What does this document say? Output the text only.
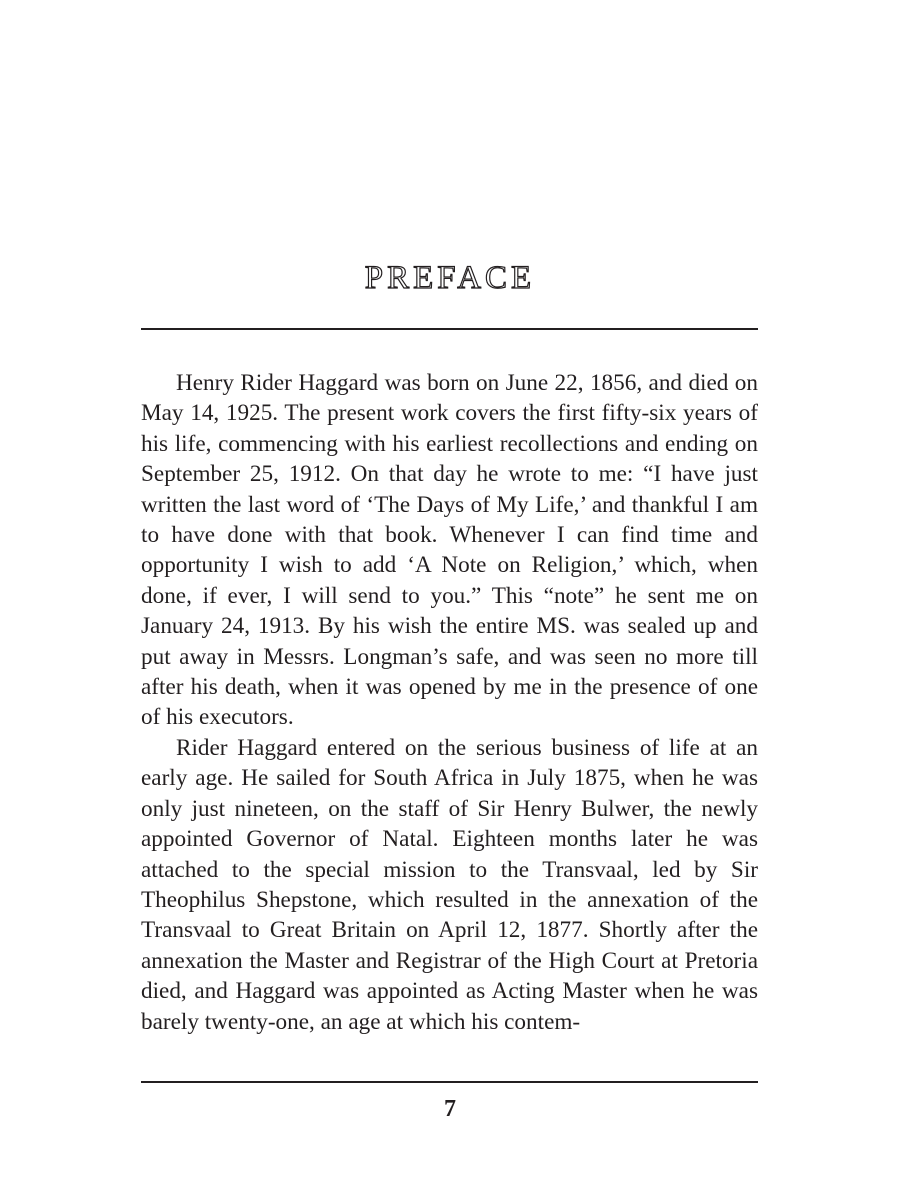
PREFACE

Henry Rider Haggard was born on June 22, 1856, and died on May 14, 1925. The present work covers the first fifty-six years of his life, commencing with his earliest recollections and ending on September 25, 1912. On that day he wrote to me: “I have just written the last word of ‘The Days of My Life,’ and thankful I am to have done with that book. Whenever I can find time and opportunity I wish to add ‘A Note on Religion,’ which, when done, if ever, I will send to you.” This “note” he sent me on January 24, 1913. By his wish the entire MS. was sealed up and put away in Messrs. Longman’s safe, and was seen no more till after his death, when it was opened by me in the presence of one of his executors.

Rider Haggard entered on the serious business of life at an early age. He sailed for South Africa in July 1875, when he was only just nineteen, on the staff of Sir Henry Bulwer, the newly appointed Governor of Natal. Eighteen months later he was attached to the special mission to the Transvaal, led by Sir Theophilus Shepstone, which resulted in the annexation of the Transvaal to Great Britain on April 12, 1877. Shortly after the annexation the Master and Registrar of the High Court at Pretoria died, and Haggard was appointed as Acting Master when he was barely twenty-one, an age at which his contem-

7
